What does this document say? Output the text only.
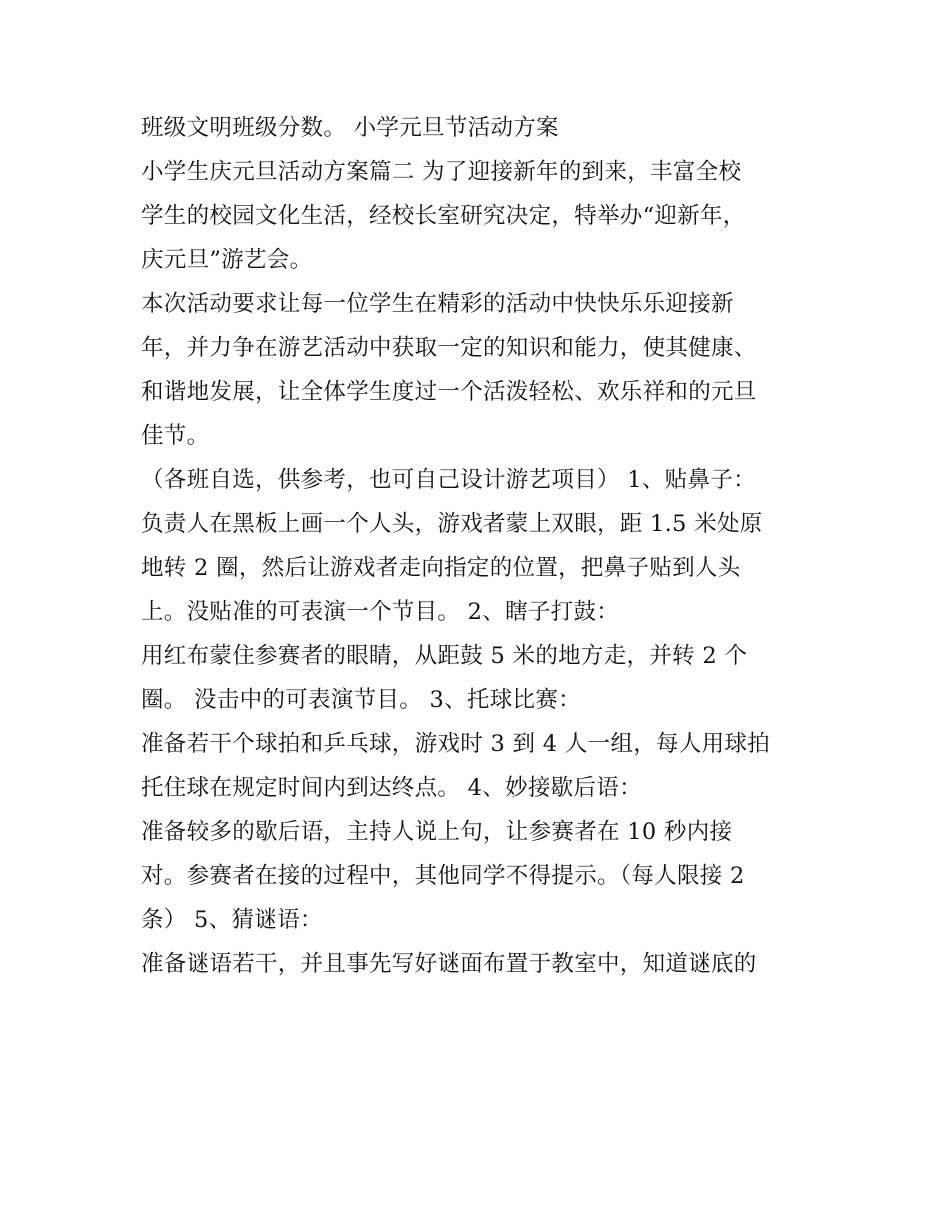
班级文明班级分数。 小学元旦节活动方案
小学生庆元旦活动方案篇二 为了迎接新年的到来，丰富全校
学生的校园文化生活，经校长室研究决定，特举办“迎新年，
庆元旦”游艺会。
本次活动要求让每一位学生在精彩的活动中快快乐乐迎接新
年，并力争在游艺活动中获取一定的知识和能力，使其健康、
和谐地发展，让全体学生度过一个活泼轻松、欢乐祥和的元旦
佳节。
（各班自选，供参考，也可自己设计游艺项目） 1、贴鼻子：
负责人在黑板上画一个人头，游戏者蒙上双眼，距 1.5 米处原
地转 2 圈，然后让游戏者走向指定的位置，把鼻子贴到人头
上。没贴准的可表演一个节目。 2、瞎子打鼓：
用红布蒙住参赛者的眼睛，从距鼓 5 米的地方走，并转 2 个
圈。 没击中的可表演节目。 3、托球比赛：
准备若干个球拍和乒乓球，游戏时 3 到 4 人一组，每人用球拍
托住球在规定时间内到达终点。 4、妙接歇后语：
准备较多的歇后语，主持人说上句，让参赛者在 10 秒内接
对。参赛者在接的过程中，其他同学不得提示。（每人限接 2
条） 5、猜谜语：
准备谜语若干，并且事先写好谜面布置于教室中，知道谜底的
